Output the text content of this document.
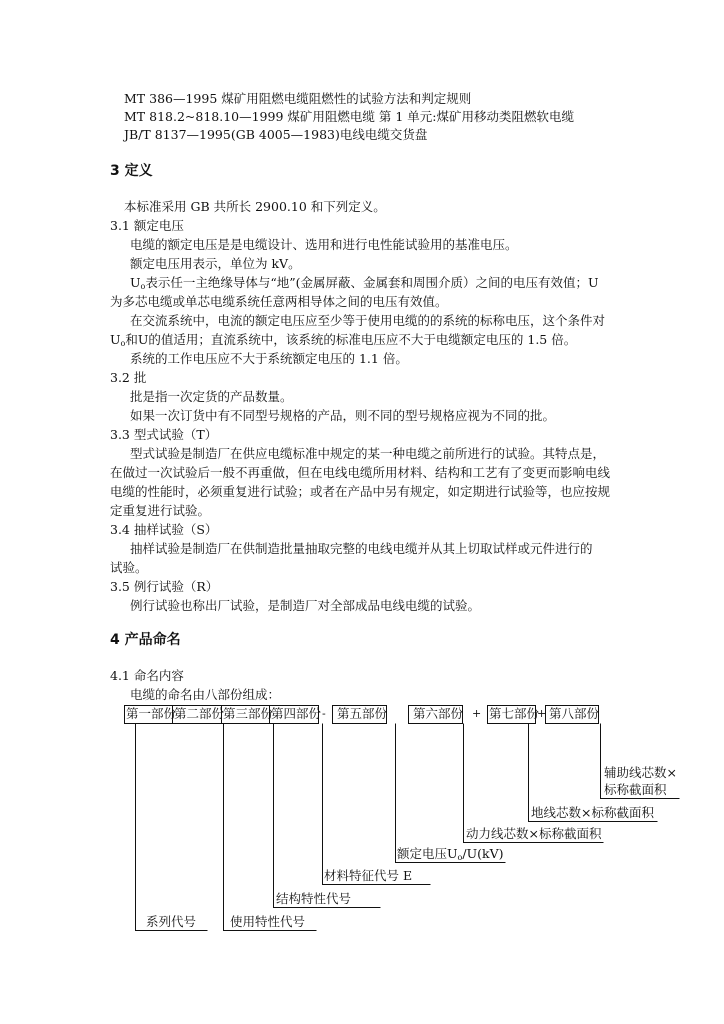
MT 386—1995 煤矿用阻燃电缆阻燃性的试验方法和判定规则
MT 818.2~818.10—1999 煤矿用阻燃电缆 第 1 单元:煤矿用移动类阻燃软电缆
JB/T 8137—1995(GB 4005—1983)电线电缆交货盘
3 定义
本标准采用 GB 共所长 2900.10 和下列定义。
3.1 额定电压
电缆的额定电压是是电缆设计、选用和进行电性能试验用的基准电压。
额定电压用表示，单位为 kV。
$U_o$表示任一主绝缘导体与“地”(金属屏蔽、金属套和周围介质）之间的电压有效值；U
为多芯电缆或单芯电缆系统任意两相导体之间的电压有效值。
在交流系统中，电流的额定电压应至少等于使用电缆的的系统的标称电压，这个条件对
$U_o$和U的值适用；直流系统中，该系统的标准电压应不大于电缆额定电压的 1.5 倍。
系统的工作电压应不大于系统额定电压的 1.1 倍。
3.2 批
批是指一次定货的产品数量。
如果一次订货中有不同型号规格的产品，则不同的型号规格应视为不同的批。
3.3 型式试验（T）
型式试验是制造厂在供应电缆标准中规定的某一种电缆之前所进行的试验。其特点是，
在做过一次试验后一般不再重做，但在电线电缆所用材料、结构和工艺有了变更而影响电线
电缆的性能时，必须重复进行试验；或者在产品中另有规定，如定期进行试验等，也应按规
定重复进行试验。
3.4 抽样试验（S）
抽样试验是制造厂在供制造批量抽取完整的电线电缆并从其上切取试样或元件进行的
试验。
3.5 例行试验（R）
例行试验也称出厂试验，是制造厂对全部成品电线电缆的试验。
4 产品命名
4.1 命名内容
电缆的命名由八部份组成：
第一部份
第二部份
第三部份
第四部份 第五部份 第六部份 第七部份 第八部份
-	+	+
辅助线芯数×
标称截面积
地线芯数×标称截面积
动力线芯数×标称截面积
额定电压$U_o/U(kV)$
材料特征代号 E
结构特性代号
系列代号	使用特性代号
